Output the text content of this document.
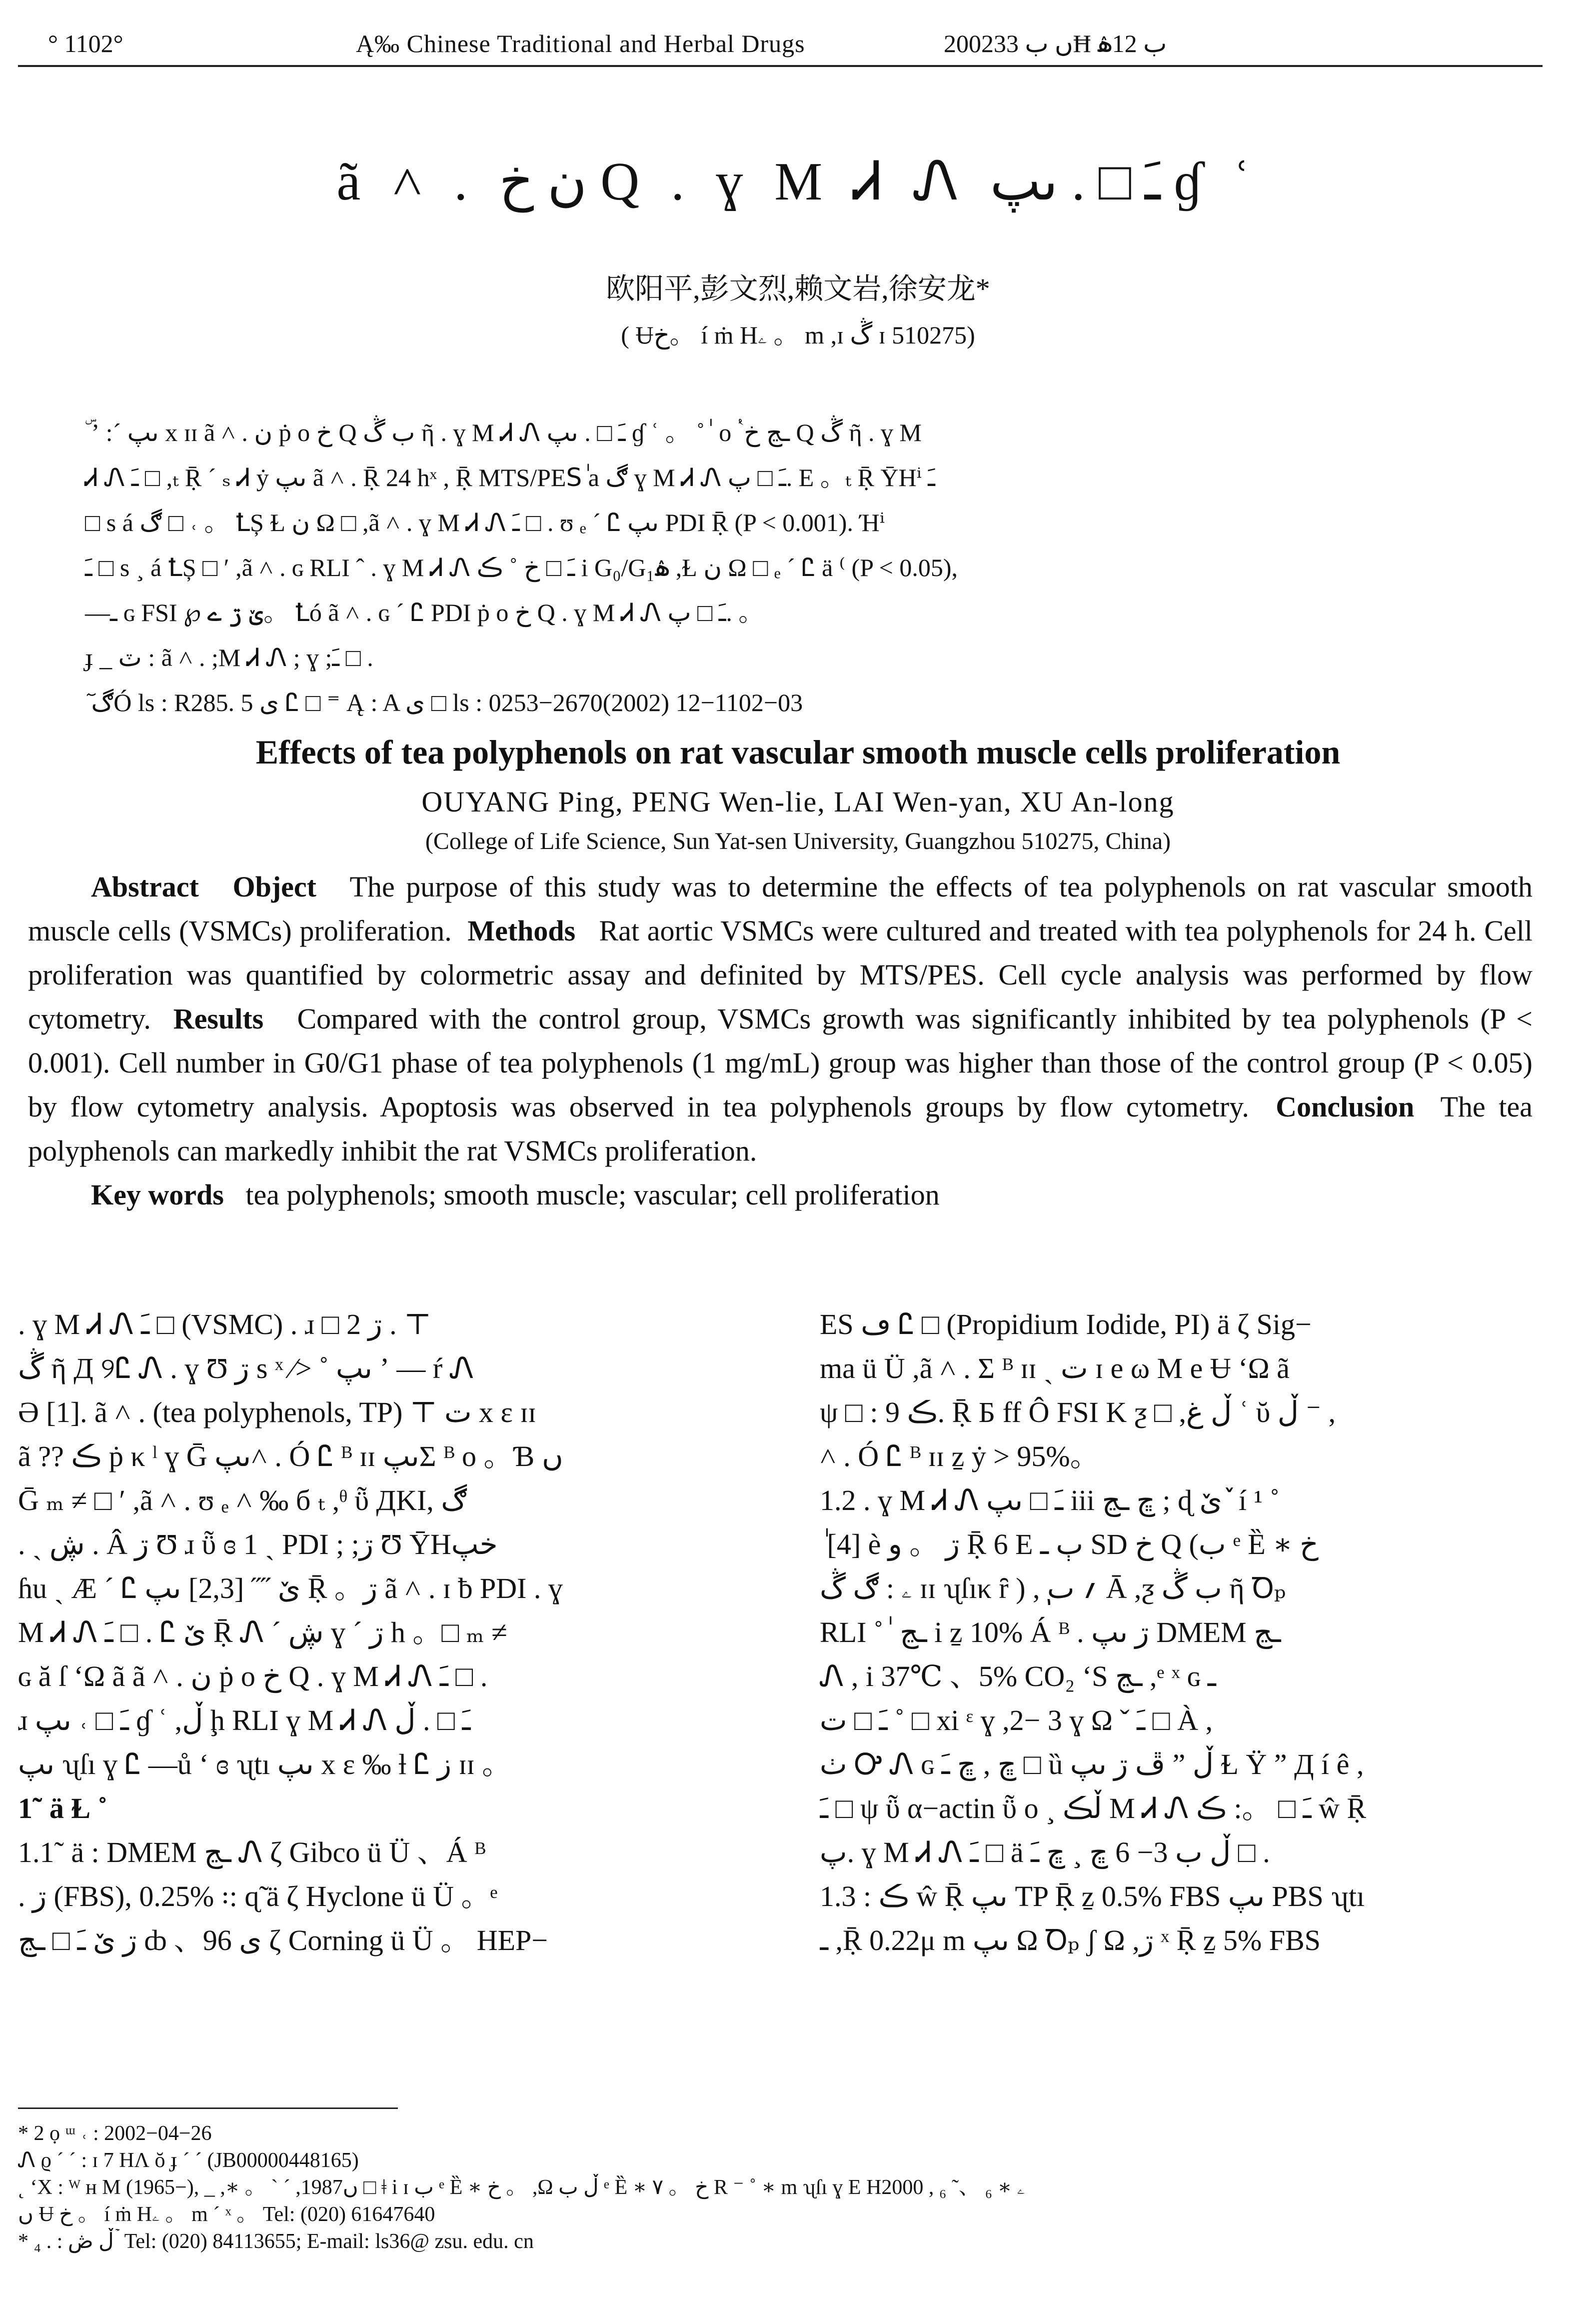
° 1102°	Ą‰ Chinese Traditional and Herbal Drugs	2002ں ب 33Ħ ب 12ۿ
ã ˄ . ن خ Q . ɣ M Ꮧ Ꮑ ـَ □ . ںپ ɠ ʿ
欧阳平,彭文烈,赖文岩,徐安龙*
( Ʉخ。 í ṁ Hۦ 。 m ,ɪ ڴ ɪ 510275)

ۜ ʼ :ˊ ںپ x ɪɪ ã ˄ . ن ṗ o خ Q ب ڴ ῆ . ɣ M Ꮧ Ꮑ ـَ □ . ںپ ɠ ʿ 。 ˚ ٰ o ٝ ـڃ خ Q ڴ ῆ . ɣ M

Ꮧ Ꮑ ـَ □ ,ₜ Ṝ ´ ₛ Ꮧ ẏ ںپ ã ˄ . Ṝ 24 hˣ , Ṝ MTS/PESٰ a ڰ ɣ M Ꮧ Ꮑ ـَ □ پ. E 。ₜ Ṝ ῩHⁱ ـَ

□ s á ڰ □ ˓ 。 ꝈȘ Ɫ ن Ω □ ,ã ˄ . ɣ M Ꮧ Ꮑ ـَ □ . ʊ ₑ ˊ Ꮭ ںپ PDI Ṝ (P < 0.001). Ήⁱ

ـَ □ s ¸ á ꝈȘ □ ʹ ,ã ˄ . ɢ RLI ˆ . ɣ M Ꮧ Ꮑ ـَ □ خ ˚ ڪ i G₀/G₁ۿ ,Ɫ ن Ω □ ₑ ˊ Ꮭ ä ⁽ (P < 0.05),

—ـ ɢ FSI ℘ ێ ڗ ے。 Ꝉó ã ˄ . ɢ ˊ Ꮭ PDI ṗ o خ Q . ɣ M Ꮧ Ꮑ ـَ □ پ. 。

ɟ _ ٽ : ã ˄ . ;M Ꮧ Ꮑ ; ɣ ;ـَ □ .

ٓ ڰÓ ls : R285. 5 ی Ꮭ □ ⁼ Ą : A ی □ ls : 0253−2670(2002) 12−1102−03

Effects of tea polyphenols on rat vascular smooth muscle cells proliferation
OUYANG Ping, PENG Wen-lie, LAI Wen-yan, XU An-long
(College of Life Science, Sun Yat-sen University, Guangzhou 510275, China)

Abstract Object The purpose of this study was to determine the effects of tea polyphenols on rat vascular smooth muscle cells (VSMCs) proliferation. Methods Rat aortic VSMCs were cultured and treated with tea polyphenols for 24 h. Cell proliferation was quantified by colormetric assay and definited by MTS/PES. Cell cycle analysis was performed by flow cytometry. Results Compared with the control group, VSMCs growth was significantly inhibited by tea polyphenols (P < 0.001). Cell number in G0/G1 phase of tea polyphenols (1 mg/mL) group was higher than those of the control group (P < 0.05) by flow cytometry analysis. Apoptosis was observed in tea polyphenols groups by flow cytometry. Conclusion The tea polyphenols can markedly inhibit the rat VSMCs proliferation.

Key words tea polyphenols; smooth muscle; vascular; cell proliferation

. ɣ M Ꮧ Ꮑ ـَ □ (VSMC) . ɹ □ ڗ 2 . ⊤

ڴ ῆ Д ୨Ꮭ Ꮑ . ɣ Ʊ ڗ s ˣ ⁄˃ ˚ ںپ ʼ — ŕ Ꮑ

Ə [1]. ã ˄ . (tea polyphenols, TP) ⊤ ت x ε ɪɪ

ã ?? ڪ ṗ κ ˡ ɣ Ḡ ںپ˄ . Ó Ꮭ ᴮ ɪɪ ںپΣ ᴮ o 。Ɓ ں

Ḡ ₘ ≠ □ ʹ ,ã ˄ . ʊ ₑ ˄ ‰ б ₜ ,ᶿ ῧ ДKI, ڰ

. ˎ ڜ . Â ڗ Ʊ ɹ ῧ ɞ 1 ˎ PDI ; ;ڗ Ʊ ῩHخپ

ɦu ˎ Æ ˊ Ꮭ ێ ˝˝ [2,3] ںپ Ṝ 。ڗ ã ˄ . ɪ ƀ PDI . ɣ

M Ꮧ Ꮑ ـَ □ . Ꮭ ێ Ṝ Ꮑ ˊ ڜ ɣ ˊ ڗ h 。□ ₘ ≠

ɢ ă ſ ʻΩ ã ã ˄ . ن ṗ o خ Q . ɣ M Ꮧ Ꮑ ـَ □ .

ɹ ـَ □ ˓ ںپ ɠ ʿ ,ڵ ḩ RLI ɣ M Ꮧ Ꮑ ـَ □ . ڵ

ںپ ʯſı ɣ Ꮭ —ů ʻ ɞ ʯtı ںپ x ε ‰ ƚ Ꮭ ز ɪɪ 。

1˜ ä Ɫ ˚ ٰ

1.1˜ ä : DMEM ـڃ Ꮑ ζ Gibco ü Ü 、Á ᴮ

. ڗ (FBS), 0.25% ꞉: ɋ̃ ä ζ Hyclone ü Ü 。ᵉ

ڗ ێ ـَ □ ـڃ ȸ 、96 ی ζ Corning ü Ü 。 HEP−

ES ڡ Ꮭ □ (Propidium Iodide, PI) ä ζ Sig−

ma ü Ü ,ã ˄ . Σ ᴮ ɪɪ ˎ ت ɪ e ω M e Ʉ ʻΩ ã

ψ □ : ڪ 9. Ṝ Б ff Ô FSI K ƺ □ ,ڵ غ ʿ ῠ ڵ ⁻ ,

˄ . Ó Ꮭ ᴮ ɪɪ ẕ ẏ > 95%。

1.2 . ɣ M Ꮧ Ꮑ ـَ □ ںپ iii ڇ ـڃ ; ɖ ێ ٚ í ¹ ˚

ٰ [4] è ڗ 。 و Ṝ 6 Ε ٻ ـ SD خ Q (ب ᵉ Ȅ ∗ خ

ۦ : ڰ ڴ ɪɪ ʯſıκ ȓ ) ,ٖ ؍ ٮ Ā ,ƺ ب ڴ ῆ Ꝺₚ

RLI ˚ ٰ ـڃ i ẕ 10% Á ᴮ . ڗ ںپ DMEM ـڃ

Ꮑ , i 37℃ 、5% CO₂ ʻS ـڃ ,ᵉ ˣ ɢ ـ

ـَ □ ت ˚ □ xi ᵋ ɣ ,2− 3 ɣ Ω ˇ ـَ □ À ,

ٺ Ꭴ Ꮑ ɢ ڇ , ڇ ـَ □ ȕ ڦ ڗ ںپ ˮ ڵ Ɫ Ÿ ˮ Д í ê ,

ـَ □ ψ ῧ α−actin ῧ o ¸ ڵڪ M Ꮧ Ꮑ ـَ □ 。: ڪ ŵ Ṝ

پ. ɣ M Ꮧ Ꮑ ـَ □ ä ڵ ب 3− 6 ڇ ¸ ڇ ـَ □ .

1.3 : ڪ ŵ Ṝ ںپ TP Ṝ ẕ 0.5% FBS ںپ PBS ʯtı

ـ ,Ṝ 0.22μ m ںپ Ω Ꝺₚ ʃ Ω ,ڗ ˣ Ṝ ẕ 5% FBS

* 2 ọ ᵚ ˓ : 2002−04−26

Ꮑ ϱ ˊ ˊ : ɪ 7 HɅ ŏ ɟ ˊ ˊ (JB00000448165)

˛ ʻX : ᵂ ʜ M (1965−), _ ,∗ 。 ˋ ˊ ,1987ں □ ǂ i ɪ ب ᵉ Ȅ ∗ خ 。 ,Ω ڵ ب ᵉ Ȅ ∗ خ 。 ٧ R ⁻ ˚ ∗ m ʯſı ɣ E Hۦ ∗ ₆ 、˜ ₆ , 2000

ں Ʉ خ 。 í ṁ Hۦ 。 m ˊ ˣ 。 Tel: (020) 61647640

* ₄ . : ڵ ڞ ۡ Tel: (020) 84113655; E-mail: ls36@ zsu. edu. cn
